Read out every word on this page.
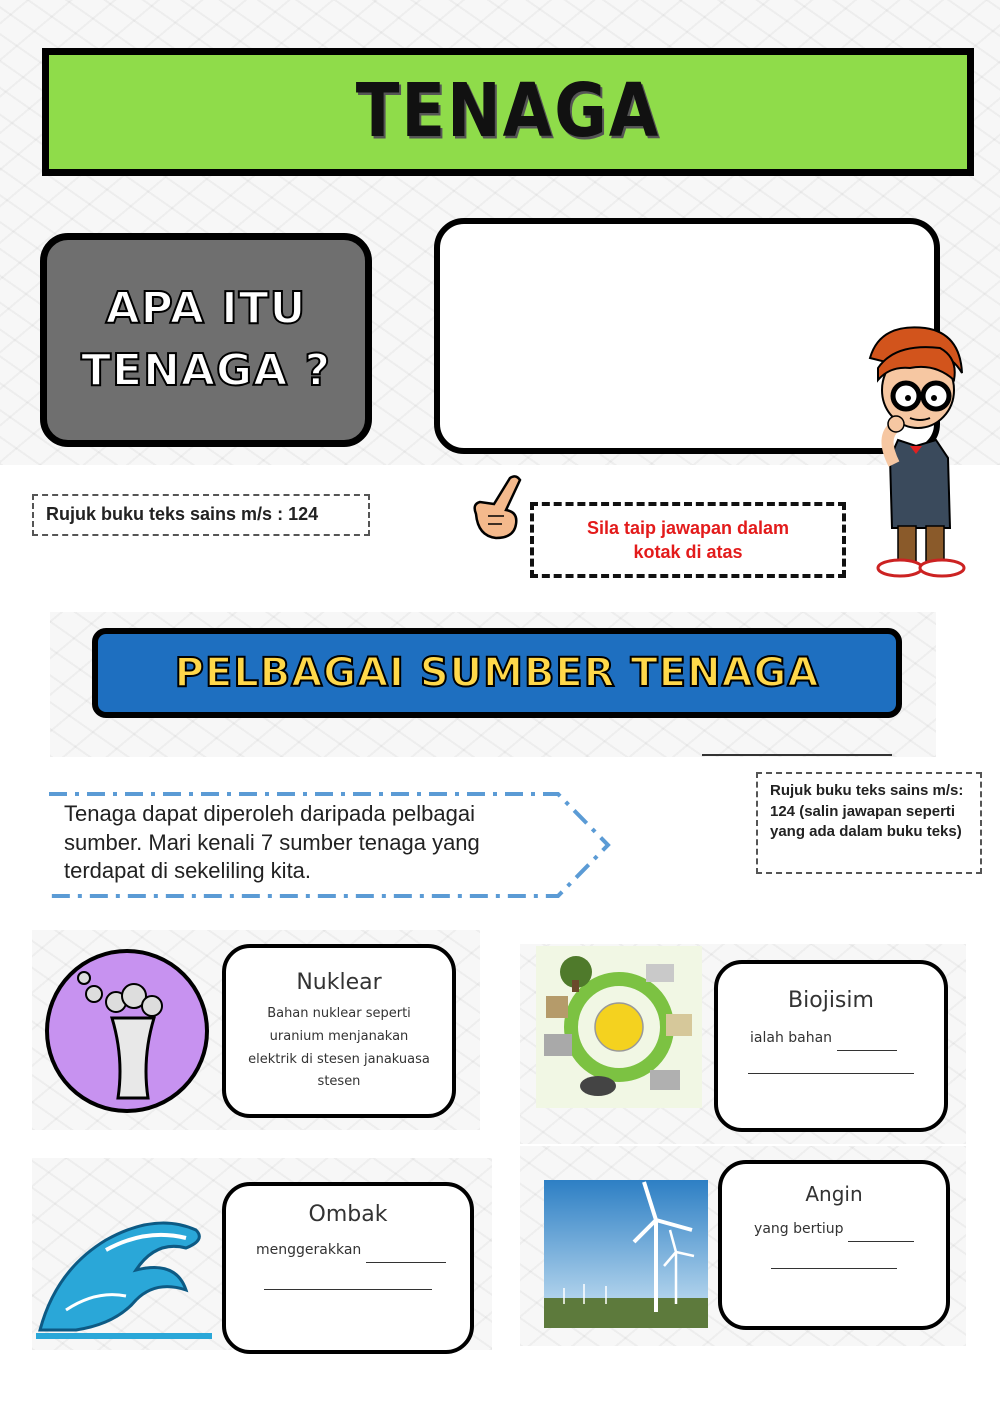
TENAGA
APA ITU
TENAGA ?
Rujuk buku teks sains m/s : 124
Sila taip jawapan dalam
kotak di atas
PELBAGAI SUMBER TENAGA
Tenaga dapat diperoleh daripada pelbagai sumber. Mari kenali 7 sumber tenaga yang terdapat di sekeliling kita.
Rujuk buku teks sains m/s: 124 (salin jawapan seperti yang ada dalam buku teks)
Nuklear
Bahan nuklear seperti
uranium menjanakan
elektrik di stesen janakuasa
stesen
Biojisim
ialah bahan
Ombak
menggerakkan
Angin
yang bertiup
